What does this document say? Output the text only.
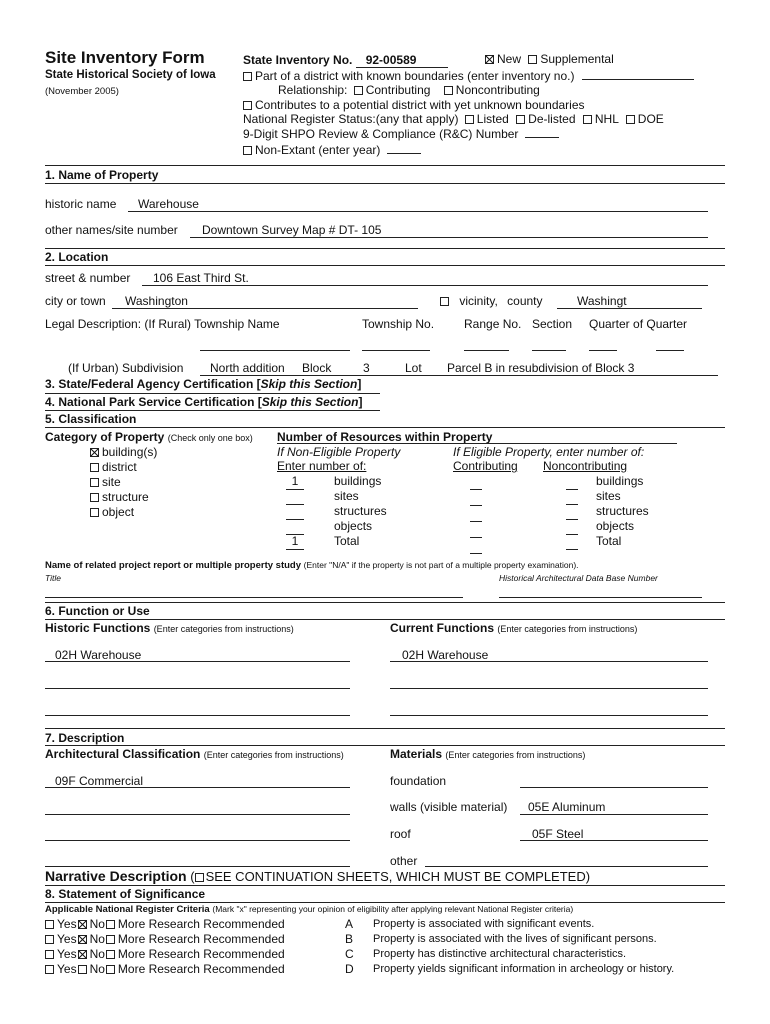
Site Inventory Form
State Historical Society of Iowa
(November 2005)
State Inventory No. 92-00589	New Supplemental
Part of a district with known boundaries (enter inventory no.)
Relationship: Contributing Noncontributing
Contributes to a potential district with yet unknown boundaries
National Register Status:(any that apply) Listed De-listed NHL DOE
9-Digit SHPO Review & Compliance (R&C) Number
Non-Extant (enter year)
1. Name of Property
historic name Warehouse
other names/site number Downtown Survey Map # DT- 105
2. Location
street & number 106 East Third St.
city or town Washington	vicinity, county	Washingt
Legal Description: (If Rural) Township Name	Township No. Range No. Section Quarter of Quarter
(If Urban) Subdivision North addition Block	3	Lot Parcel B in resubdivision of Block 3
3. State/Federal Agency Certification [Skip this Section]
4. National Park Service Certification [Skip this Section]
5. Classification
Category of Property (Check only one box) Number of Resources within Property
building(s)
district
site
structure
object
If Non-Eligible Property
Enter number of:
If Eligible Property, enter number of:
Contributing Noncontributing
1	buildings

sites

structures

objects
1	Total

buildings

sites

structures

objects

Total
Name of related project report or multiple property study (Enter "N/A" if the property is not part of a multiple property examination).
Title	Historical Architectural Data Base Number
6. Function or Use
Historic Functions (Enter categories from instructions)	Current Functions (Enter categories from instructions)
02H Warehouse	02H Warehouse
7. Description
Architectural Classification (Enter categories from instructions)	Materials (Enter categories from instructions)
09F Commercial	foundation
walls (visible material) 05E Aluminum
roof	05F Steel
other
Narrative Description ( SEE CONTINUATION SHEETS, WHICH MUST BE COMPLETED)
8. Statement of Significance
Applicable National Register Criteria (Mark "x" representing your opinion of eligibility after applying relevant National Register criteria)
Yes No More Research Recommended	A Property is associated with significant events.
Yes No More Research Recommended	B Property is associated with the lives of significant persons.
Yes No More Research Recommended	C Property has distinctive architectural characteristics.
Yes No More Research Recommended	D Property yields significant information in archeology or history.
